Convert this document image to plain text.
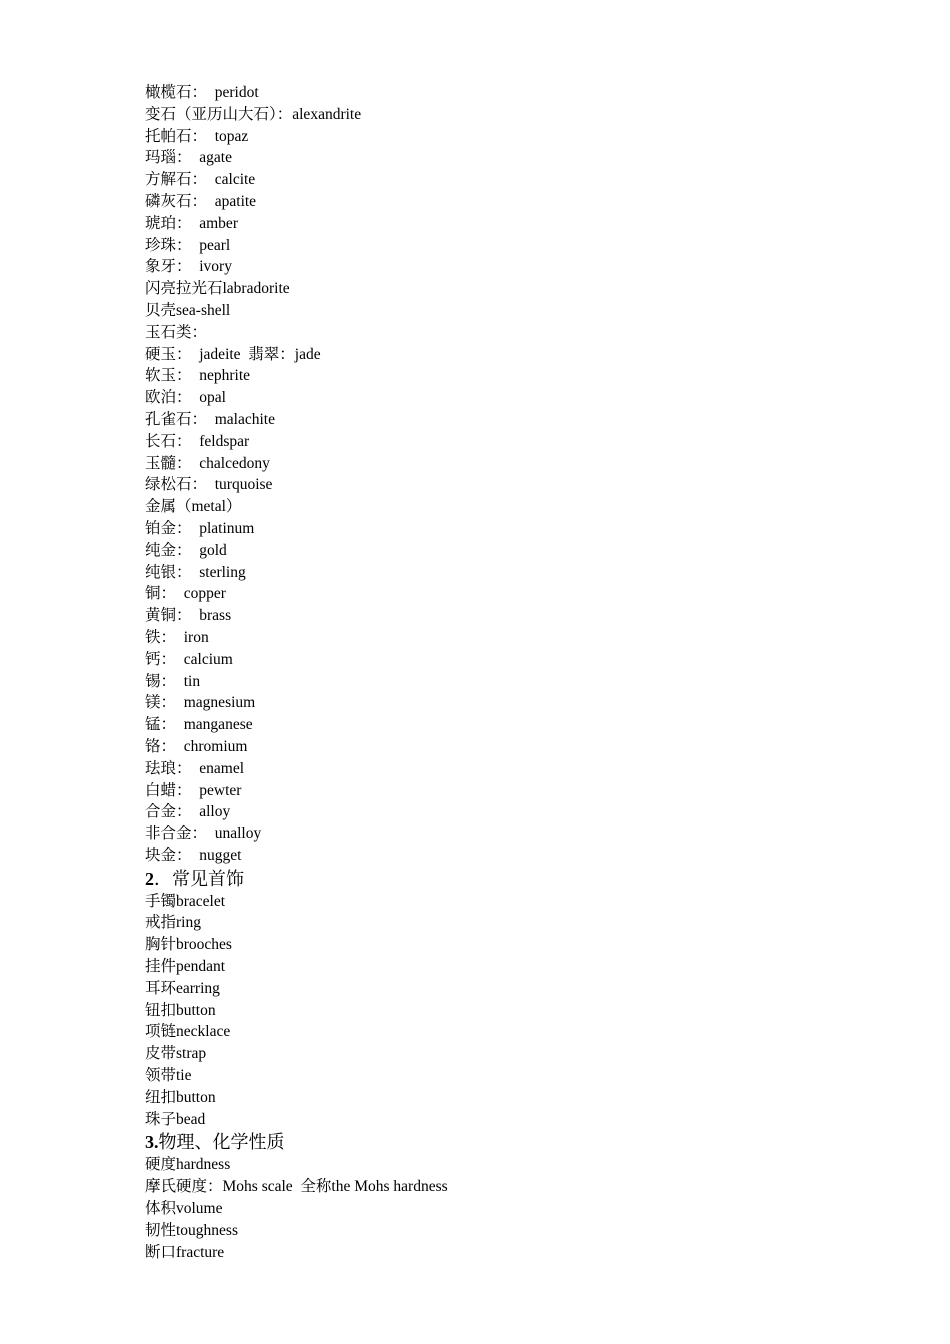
橄榄石：  peridot
变石（亚历山大石）：alexandrite
托帕石：  topaz
玛瑙：  agate
方解石：  calcite
磷灰石：  apatite
琥珀：  amber
珍珠：  pearl
象牙：  ivory
闪亮拉光石labradorite
贝壳sea-shell
玉石类：
硬玉：  jadeite  翡翠：jade
软玉：  nephrite
欧泊：  opal
孔雀石：  malachite
长石：  feldspar
玉髓：  chalcedony
绿松石：  turquoise
金属（metal）
铂金：  platinum
纯金：  gold
纯银：  sterling
铜：  copper
黄铜：  brass
铁：  iron
钙：  calcium
锡：  tin
镁：  magnesium
锰：  manganese
铬：  chromium
珐琅：  enamel
白蜡：  pewter
合金：  alloy
非合金：  unalloy
块金：  nugget
2．常见首饰
手镯bracelet
戒指ring
胸针brooches
挂件pendant
耳环earring
钮扣button
项链necklace
皮带strap
领带tie
纽扣button
珠子bead
3.物理、化学性质
硬度hardness
摩氏硬度：Mohs scale  全称the Mohs hardness
体积volume
韧性toughness
断口fracture
